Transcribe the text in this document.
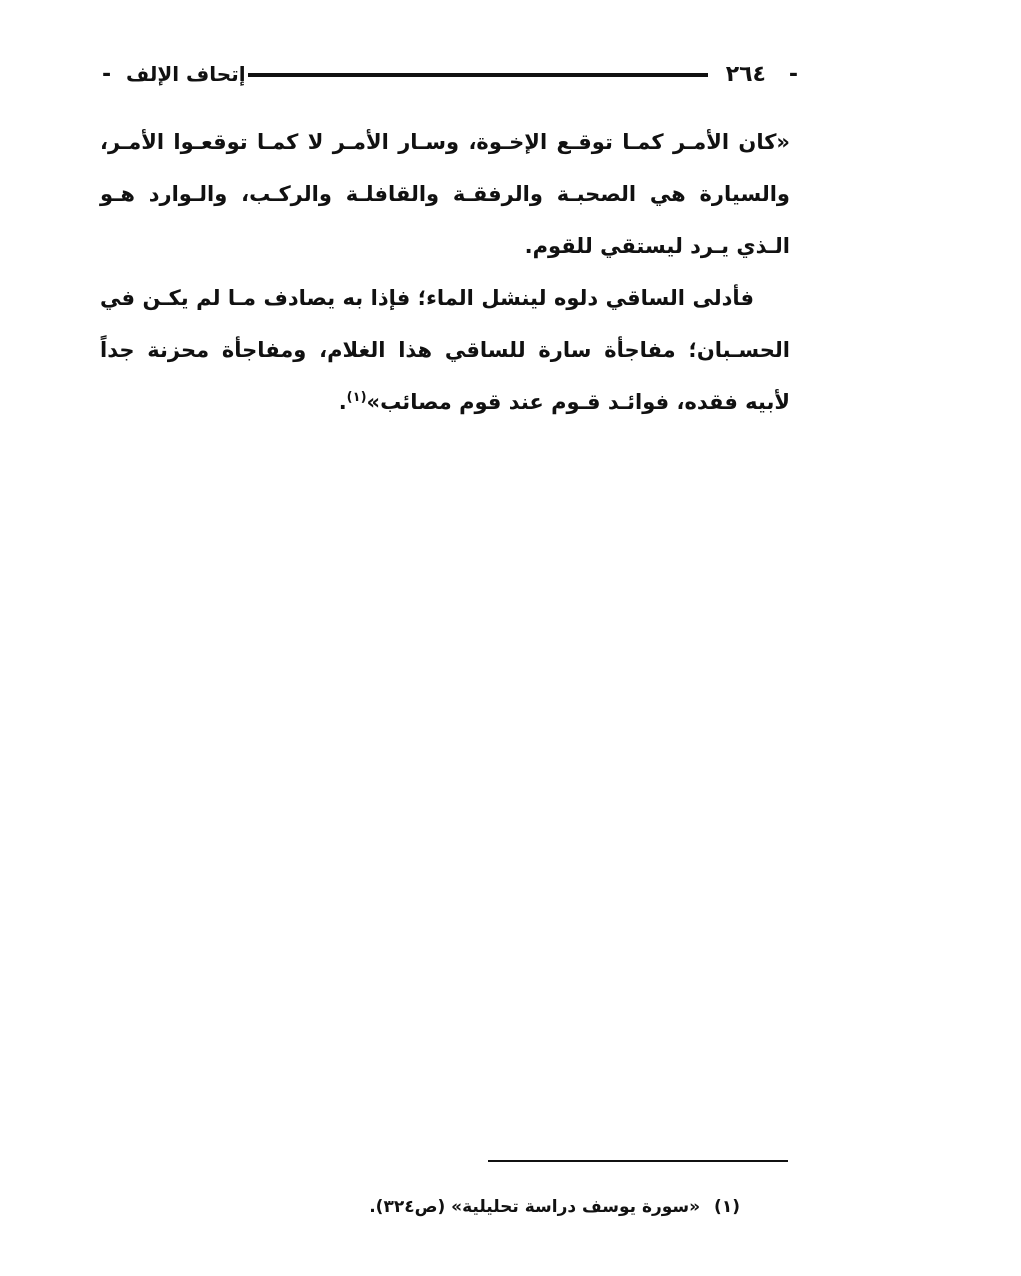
-
٢٦٤
إتحاف الإلف
-

«كان الأمـر كمـا توقـع الإخـوة، وسـار الأمـر لا كمـا توقعـوا الأمـر، والسيارة هي الصحبـة والرفقـة والقافلـة والركـب، والـوارد هـو الـذي يـرد ليستقي للقوم.

فأدلى الساقي دلوه لينشل الماء؛ فإذا به يصادف مـا لم يكـن في الحسـبان؛ مفاجأة سارة للساقي هذا الغلام، ومفاجأة محزنة جداً لأبيه فقده، فوائـد قـوم عند قوم مصائب»$^{(١)}$.

(١) «سورة يوسف دراسة تحليلية» (ص٣٢٤).
